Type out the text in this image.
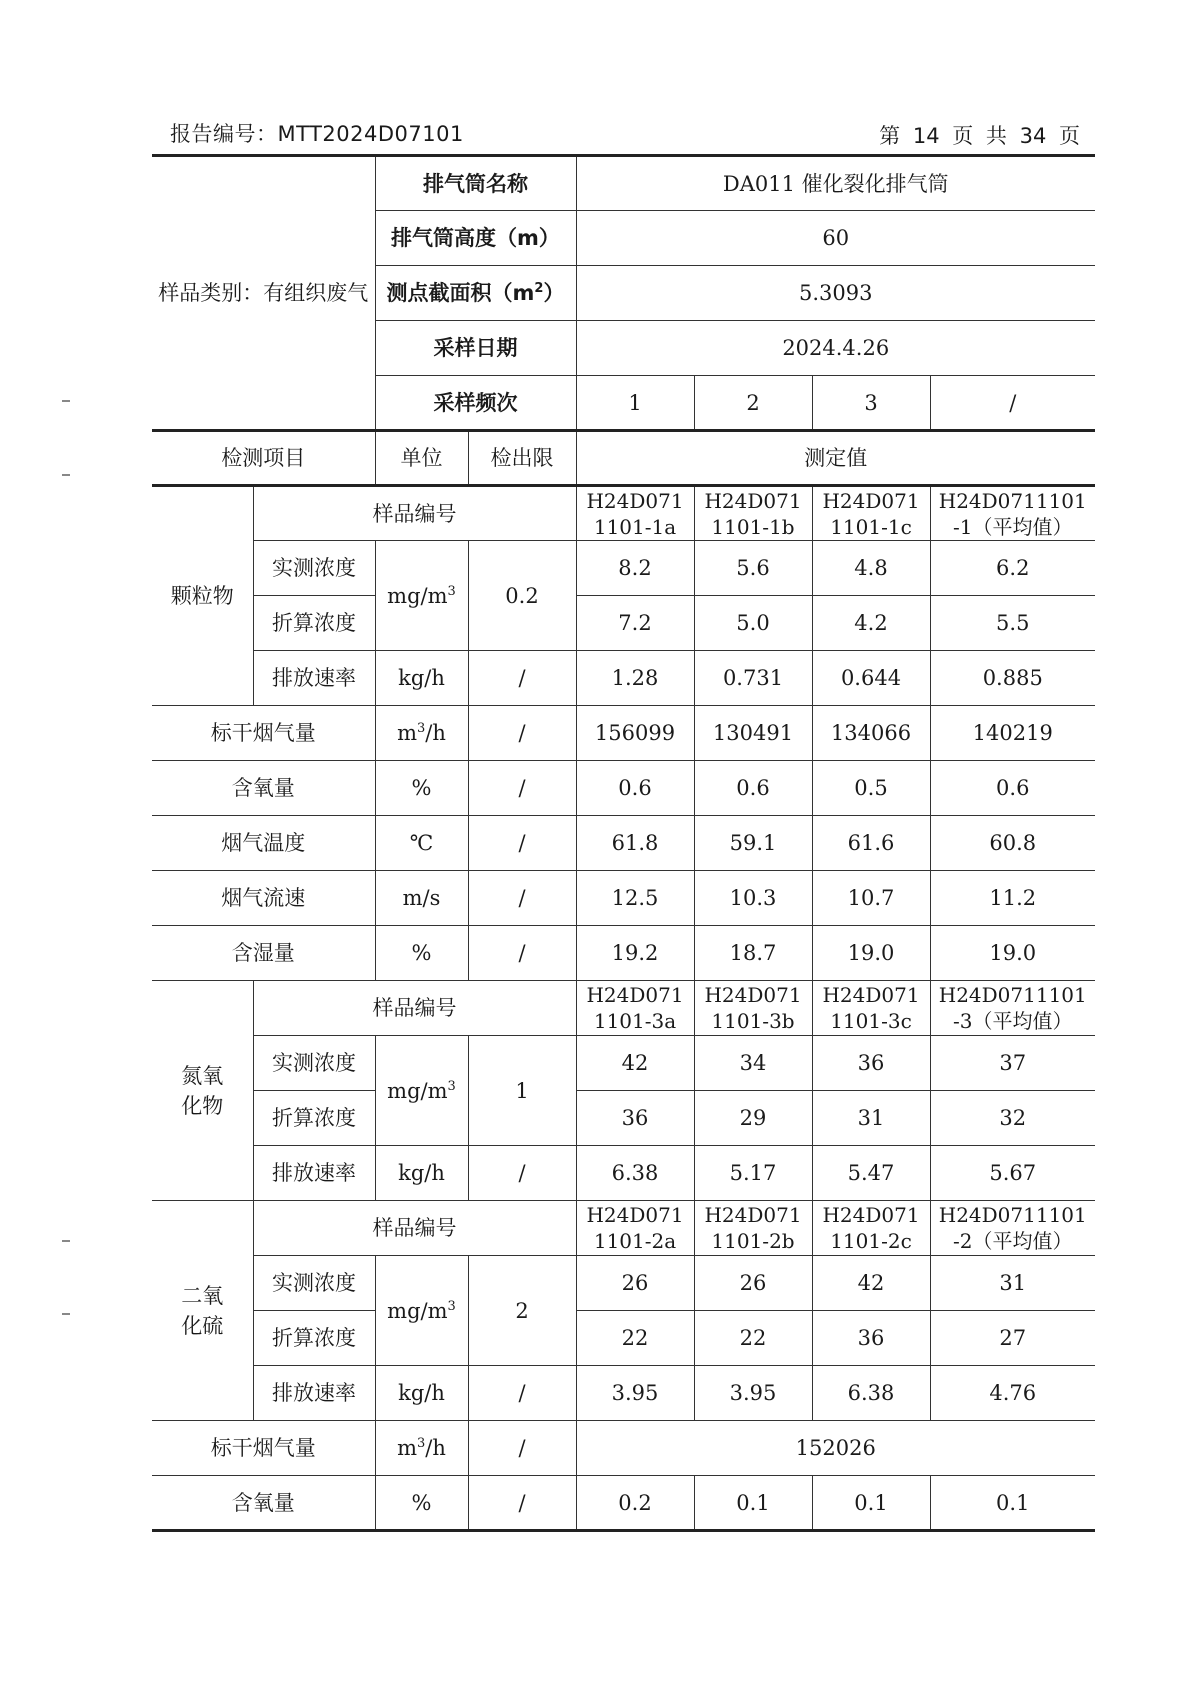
报告编号：MTT2024D07101	第 14 页 共 34 页
样品类别：有组织废气		排气筒名称		DA011 催化裂化排气筒			
		排气筒高度（m）		60			
		测点截面积$(m^2)$		5.3093			
		采样日期		2024.4.26			
		采样频次		1	2	3	/
检测项目		单位	检出限	测定值			
颗粒物	样品编号			H24D071 1101-1a	H24D071 1101-1b	H24D071 1101-1c	H24D0711101 -1（平均值）
	实测浓度	$mg/m^3$	0.2	8.2	5.6	4.8	6.2
	折算浓度			7.2	5.0	4.2	5.5
	排放速率	kg/h	/	1.28	0.731	0.644	0.885
标干烟气量		$m^3/h$	/	156099	130491	134066	140219
含氧量		%	/	0.6	0.6	0.5	0.6
烟气温度		℃	/	61.8	59.1	61.6	60.8
烟气流速		m/s	/	12.5	10.3	10.7	11.2
含湿量		%	/	19.2	18.7	19.0	19.0
氮氧化物	样品编号			H24D071 1101-3a	H24D071 1101-3b	H24D071 1101-3c	H24D0711101 -3（平均值）
	实测浓度	$mg/m^3$	1	42	34	36	37
	折算浓度			36	29	31	32
	排放速率	kg/h	/	6.38	5.17	5.47	5.67
二氧化硫	样品编号			H24D071 1101-2a	H24D071 1101-2b	H24D071 1101-2c	H24D0711101 -2（平均值）
	实测浓度	$mg/m^3$	2	26	26	42	31
	折算浓度			22	22	36	27
	排放速率	kg/h	/	3.95	3.95	6.38	4.76
标干烟气量		$m^3/h$	/	152026			
含氧量		%	/	0.2	0.1	0.1	0.1
